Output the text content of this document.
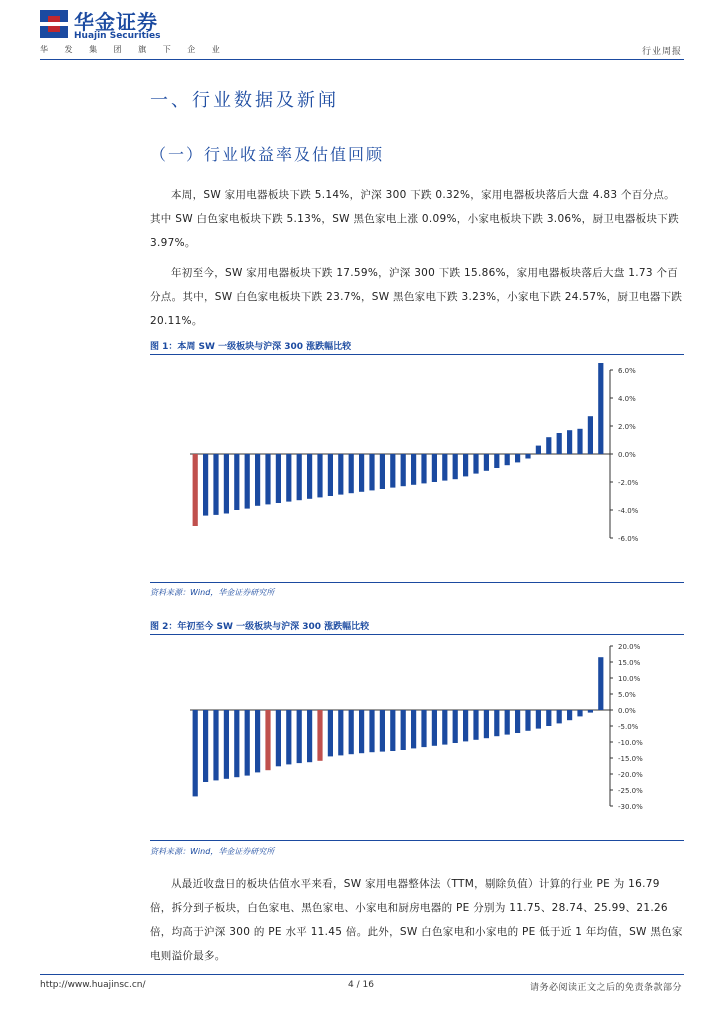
华金证券
Huajin Securities
华 发 集 团 旗 下 企 业	行业周报
一、行业数据及新闻
（一）行业收益率及估值回顾
本周，SW 家用电器板块下跌 5.14%，沪深 300 下跌 0.32%，家用电器板块落后大盘 4.83 个百分点。其中 SW 白色家电板块下跌 5.13%，SW 黑色家电上涨 0.09%，小家电板块下跌 3.06%，厨卫电器板块下跌 3.97%。
年初至今，SW 家用电器板块下跌 17.59%，沪深 300 下跌 15.86%，家用电器板块落后大盘 1.73 个百分点。其中，SW 白色家电板块下跌 23.7%，SW 黑色家电下跌 3.23%，小家电下跌 24.57%，厨卫电器下跌 20.11%。
图 1：本周 SW 一级板块与沪深 300 涨跌幅比较
6.0%
4.0%
2.0%
0.0%
-2.0%
-4.0%
-6.0%
资料来源：Wind，华金证券研究所
图 2：年初至今 SW 一级板块与沪深 300 涨跌幅比较
20.0%
15.0%
10.0%
5.0%
0.0%
-5.0%
-10.0%
-15.0%
-20.0%
-25.0%
-30.0%
资料来源：Wind，华金证券研究所
从最近收盘日的板块估值水平来看，SW 家用电器整体法（TTM，剔除负值）计算的行业 PE 为 16.79 倍，拆分到子板块，白色家电、黑色家电、小家电和厨房电器的 PE 分别为 11.75、28.74、25.99、21.26 倍，均高于沪深 300 的 PE 水平 11.45 倍。此外，SW 白色家电和小家电的 PE 低于近 1 年均值，SW 黑色家电则溢价最多。
http://www.huajinsc.cn/	4 / 16	请务必阅读正文之后的免责条款部分
